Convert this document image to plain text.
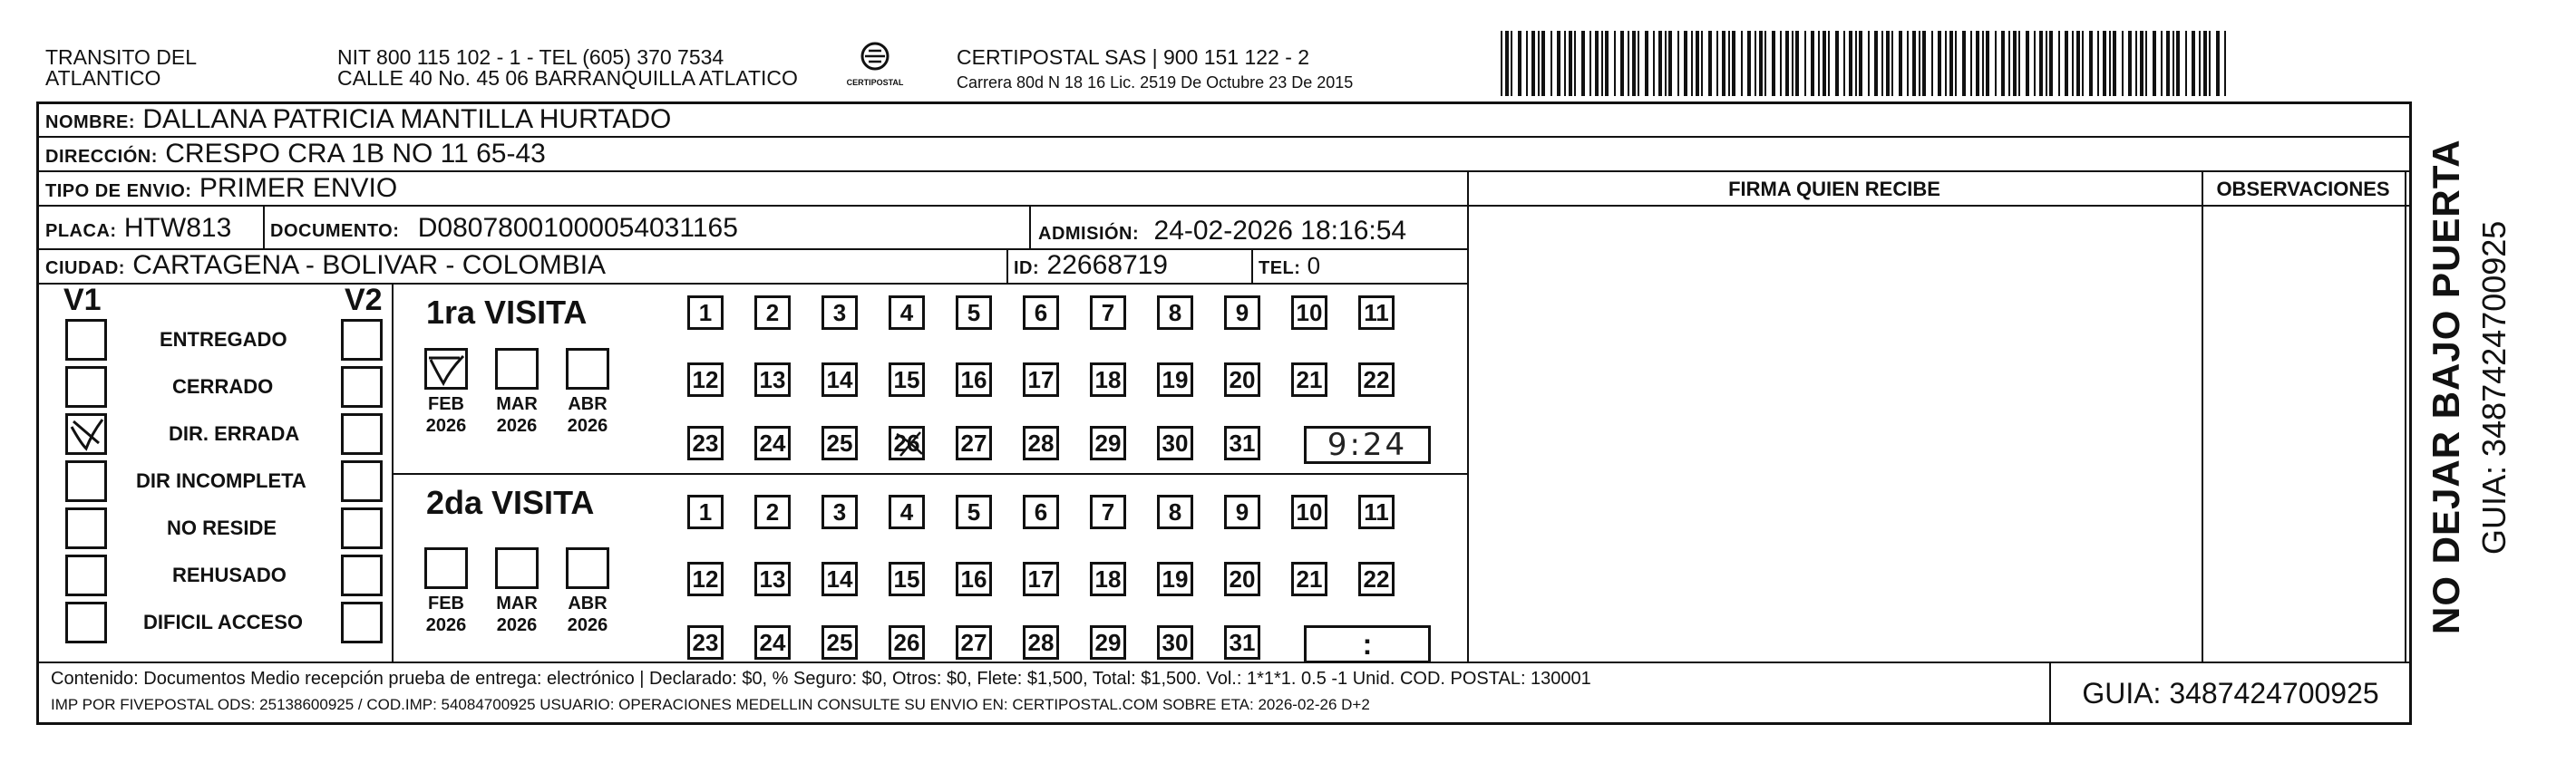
TRANSITO DEL
ATLANTICO
NIT 800 115 102 - 1 - TEL (605) 370 7534
CALLE 40 No. 45 06 BARRANQUILLA ATLATICO	CERTIPOSTAL
CERTIPOSTAL SAS | 900 151 122 - 2
Carrera 80d N 18 16 Lic. 2519 De Octubre 23 De 2015
NOMBRE: DALLANA PATRICIA MANTILLA HURTADO
DIRECCIÓN: CRESPO CRA 1B NO 11 65-43
TIPO DE ENVIO: PRIMER ENVIO
PLACA: HTW813 DOCUMENTO: D08078001000054031165	ADMISIÓN: 24-02-2026 18:16:54
CIUDAD: CARTAGENA - BOLIVAR - COLOMBIA	ID: 22668719	TEL: 0
FIRMA QUIEN RECIBE	OBSERVACIONES
V1	V2
ENTREGADO
CERRADO
DIR. ERRADA
DIR INCOMPLETA
NO RESIDE
REHUSADO
DIFICIL ACCESO
1ra VISITA
2da VISITA
1	2	3	4	5	6	7	8	9	10 11
12 13 14 15 16 17 18 19 20 21 22
23 24 25 26 27 28 29 30 31	9:24
FEB
2026
MAR
2026
ABR
2026
1	2	3	4	5	6	7	8	9	10 11
12 13 14 15 16 17 18 19 20 21 22
23 24 25 26 27 28 29 30 31	:
FEB
2026
MAR
2026
ABR
2026
Contenido: Documentos Medio recepción prueba de entrega: electrónico | Declarado: $0, % Seguro: $0, Otros: $0, Flete: $1,500, Total: $1,500. Vol.: 1*1*1. 0.5 -1 Unid. COD. POSTAL: 130001
IMP POR FIVEPOSTAL ODS: 25138600925 / COD.IMP: 54084700925 USUARIO: OPERACIONES MEDELLIN CONSULTE SU ENVIO EN: CERTIPOSTAL.COM SOBRE ETA: 2026-02-26 D+2	GUIA: 3487424700925
NO DEJAR BAJO PUERTA GUIA: 3487424700925
